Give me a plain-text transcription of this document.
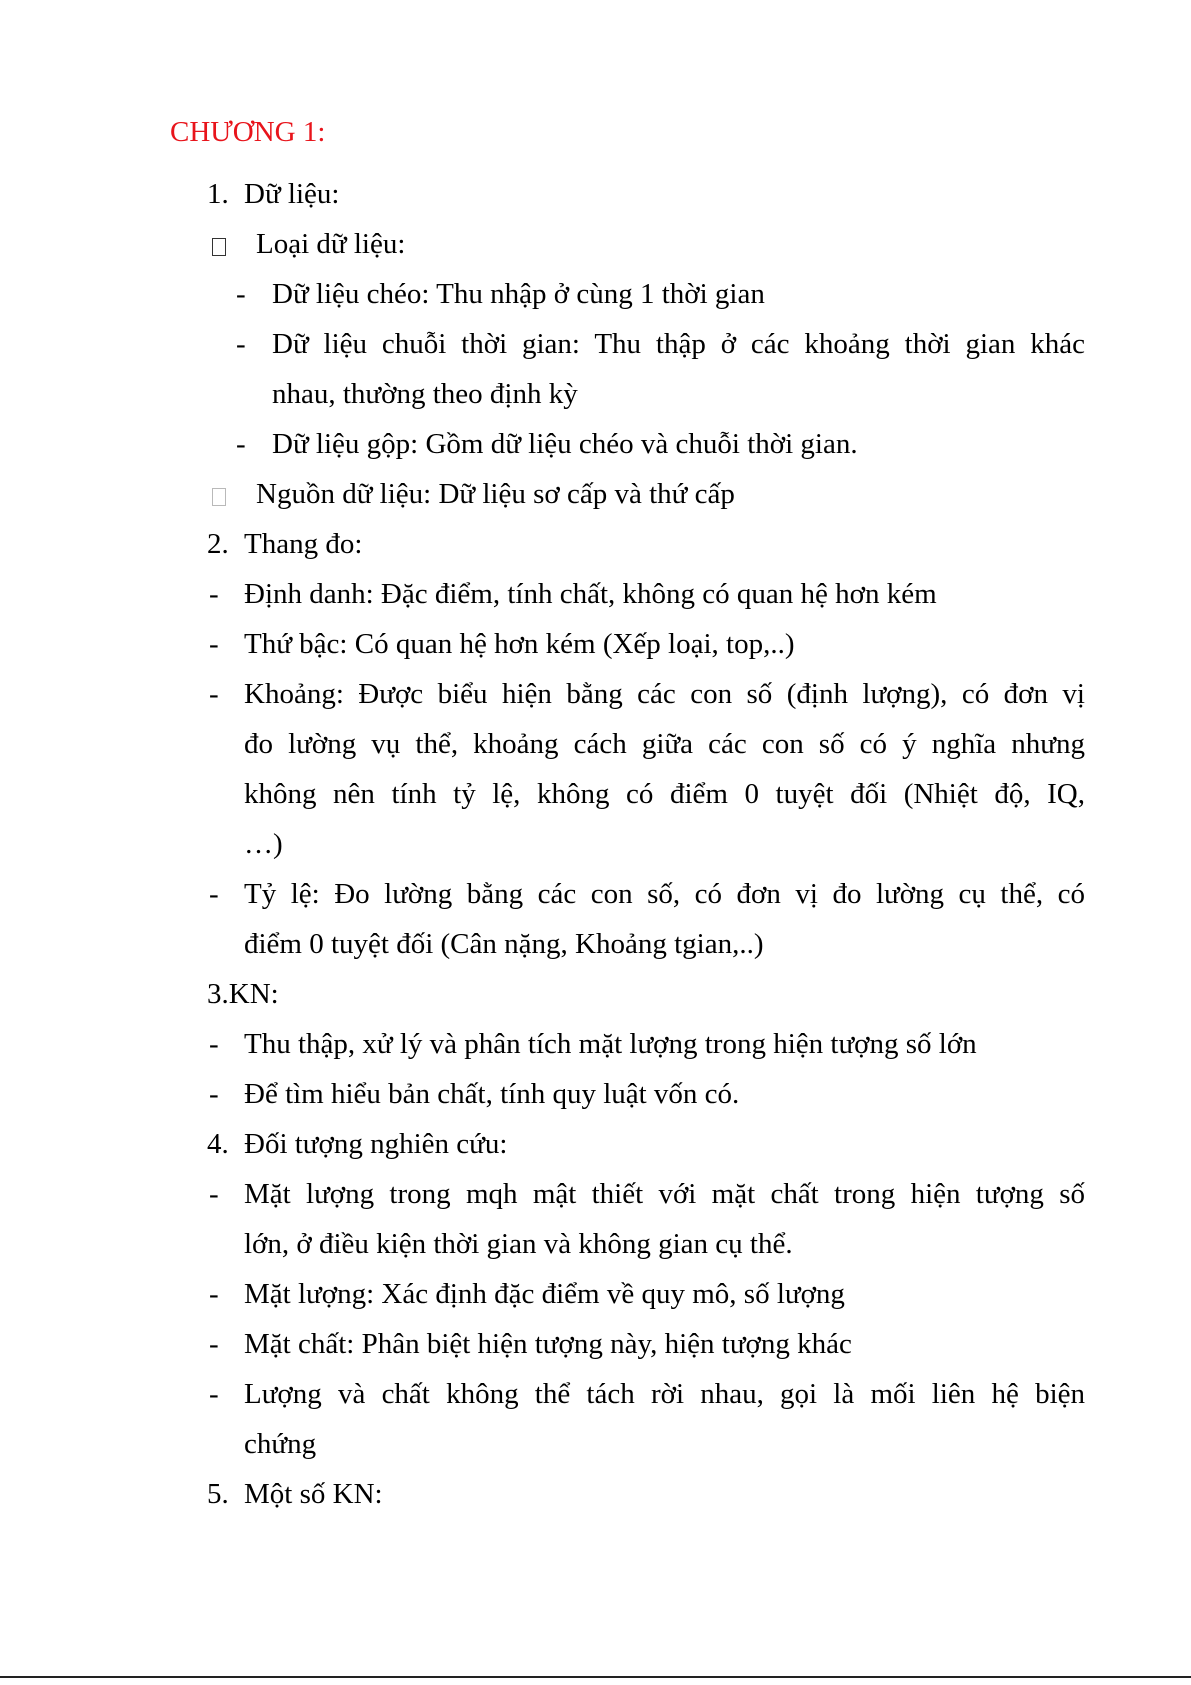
CHƯƠNG 1:
1. Dữ liệu:
Loại dữ liệu:
- Dữ liệu chéo: Thu nhập ở cùng 1 thời gian
- Dữ liệu chuỗi thời gian: Thu thập ở các khoảng thời gian khác
nhau, thường theo định kỳ
- Dữ liệu gộp: Gồm dữ liệu chéo và chuỗi thời gian.
Nguồn dữ liệu: Dữ liệu sơ cấp và thứ cấp
2. Thang đo:
- Định danh: Đặc điểm, tính chất, không có quan hệ hơn kém
- Thứ bậc: Có quan hệ hơn kém (Xếp loại, top,..)
- Khoảng: Được biểu hiện bằng các con số (định lượng), có đơn vị
đo lường vụ thể, khoảng cách giữa các con số có ý nghĩa nhưng
không nên tính tỷ lệ, không có điểm 0 tuyệt đối (Nhiệt độ, IQ,
…)
- Tỷ lệ: Đo lường bằng các con số, có đơn vị đo lường cụ thể, có
điểm 0 tuyệt đối (Cân nặng, Khoảng tgian,..)
3.KN:
- Thu thập, xử lý và phân tích mặt lượng trong hiện tượng số lớn
- Để tìm hiểu bản chất, tính quy luật vốn có.
4. Đối tượng nghiên cứu:
- Mặt lượng trong mqh mật thiết với mặt chất trong hiện tượng số
lớn, ở điều kiện thời gian và không gian cụ thể.
- Mặt lượng: Xác định đặc điểm về quy mô, số lượng
- Mặt chất: Phân biệt hiện tượng này, hiện tượng khác
- Lượng và chất không thể tách rời nhau, gọi là mối liên hệ biện
chứng
5. Một số KN:
